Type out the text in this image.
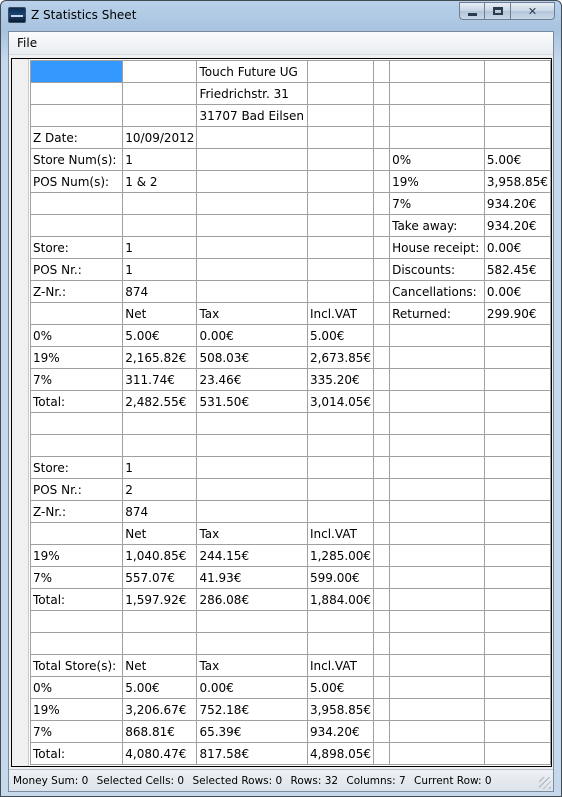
Z Statistics Sheet	✕
File
		Touch Future UG				
		Friedrichstr. 31				
		31707 Bad Eilsen				
Z Date:	10/09/2012					
Store Num(s):	1				0%	5.00€
POS Num(s):	1 & 2				19%	3,958.85€
					7%	934.20€
					Take away:	934.20€
Store:	1				House receipt:	0.00€
POS Nr.:	1				Discounts:	582.45€
Z-Nr.:	874				Cancellations:	0.00€
	Net	Tax	Incl.VAT		Returned:	299.90€
0%	5.00€	0.00€	5.00€			
19%	2,165.82€	508.03€	2,673.85€			
7%	311.74€	23.46€	335.20€			
Total:	2,482.55€	531.50€	3,014.05€			

Store:	1					
POS Nr.:	2					
Z-Nr.:	874					
	Net	Tax	Incl.VAT			
19%	1,040.85€	244.15€	1,285.00€			
7%	557.07€	41.93€	599.00€			
Total:	1,597.92€	286.08€	1,884.00€			

Total Store(s):	Net	Tax	Incl.VAT			
0%	5.00€	0.00€	5.00€			
19%	3,206.67€	752.18€	3,958.85€			
7%	868.81€	65.39€	934.20€			
Total:	4,080.47€	817.58€	4,898.05€			
Money Sum: 0 Selected Cells: 0 Selected Rows: 0 Rows: 32 Columns: 7 Current Row: 0
